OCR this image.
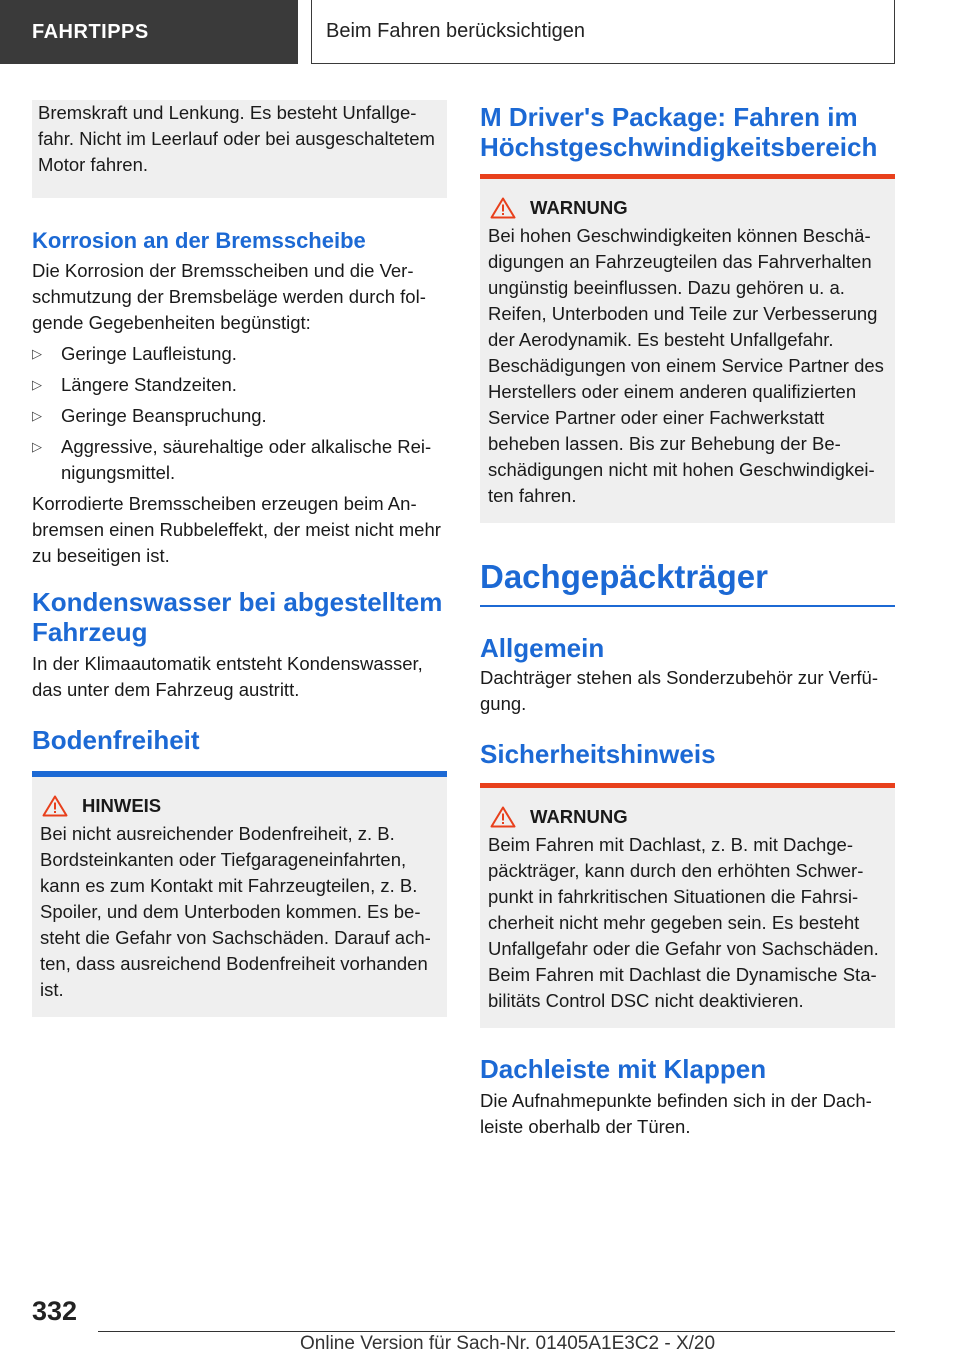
FAHRTIPPS	Beim Fahren berücksichtigen

Bremskraft und Lenkung. Es besteht Unfallgefahr. Nicht im Leerlauf oder bei ausgeschaltetem Motor fahren.

Korrosion an der Bremsscheibe

Die Korrosion der Bremsscheiben und die Verschmutzung der Bremsbeläge werden durch folgende Gegebenheiten begünstigt:

▷ Geringe Laufleistung.
▷ Längere Standzeiten.
▷ Geringe Beanspruchung.
▷ Aggressive, säurehaltige oder alkalische Reinigungsmittel.

Korrodierte Bremsscheiben erzeugen beim Anbremsen einen Rubbeleffekt, der meist nicht mehr zu beseitigen ist.

Kondenswasser bei abgestelltem Fahrzeug

In der Klimaautomatik entsteht Kondenswasser, das unter dem Fahrzeug austritt.

Bodenfreiheit
HINWEIS

Bei nicht ausreichender Bodenfreiheit, z. B. Bordsteinkanten oder Tiefgarageneinfahrten, kann es zum Kontakt mit Fahrzeugteilen, z. B. Spoiler, und dem Unterboden kommen. Es besteht die Gefahr von Sachschäden. Darauf achten, dass ausreichend Bodenfreiheit vorhanden ist.

M Driver's Package: Fahren im Höchstgeschwindigkeitsbereich
WARNUNG

Bei hohen Geschwindigkeiten können Beschädigungen an Fahrzeugteilen das Fahrverhalten ungünstig beeinflussen. Dazu gehören u. a. Reifen, Unterboden und Teile zur Verbesserung der Aerodynamik. Es besteht Unfallgefahr. Beschädigungen von einem Service Partner des Herstellers oder einem anderen qualifizierten Service Partner oder einer Fachwerkstatt beheben lassen. Bis zur Behebung der Beschädigungen nicht mit hohen Geschwindigkeiten fahren.

Dachgepäckträger
Allgemein

Dachträger stehen als Sonderzubehör zur Verfügung.

Sicherheitshinweis
WARNUNG

Beim Fahren mit Dachlast, z. B. mit Dachgepäckträger, kann durch den erhöhten Schwerpunkt in fahrkritischen Situationen die Fahrsicherheit nicht mehr gegeben sein. Es besteht Unfallgefahr oder die Gefahr von Sachschäden. Beim Fahren mit Dachlast die Dynamische Stabilitäts Control DSC nicht deaktivieren.

Dachleiste mit Klappen

Die Aufnahmepunkte befinden sich in der Dachleiste oberhalb der Türen.

332
Online Version für Sach-Nr. 01405A1E3C2 - X/20
